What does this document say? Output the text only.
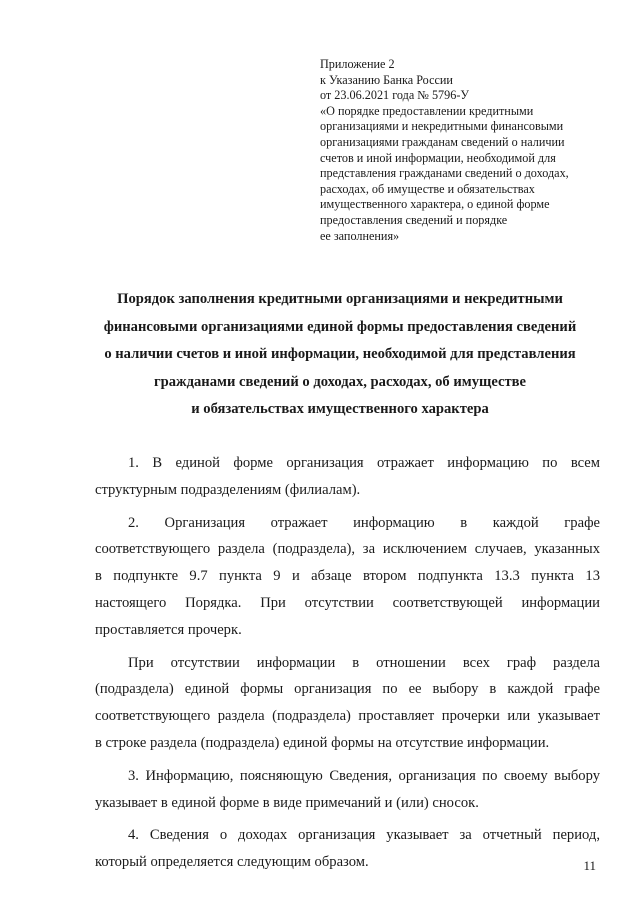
Приложение 2
к Указанию Банка России
от 23.06.2021 года № 5796-У
«О порядке предоставлении кредитными
организациями и некредитными финансовыми
организациями гражданам сведений о наличии
счетов и иной информации, необходимой для
представления гражданами сведений о доходах,
расходах, об имуществе и обязательствах
имущественного характера, о единой форме
предоставления сведений и порядке
ее заполнения»
Порядок заполнения кредитными организациями и некредитными
финансовыми организациями единой формы предоставления сведений
о наличии счетов и иной информации, необходимой для представления
гражданами сведений о доходах, расходах, об имуществе
и обязательствах имущественного характера
1. В единой форме организация отражает информацию по всем
структурным подразделениям (филиалам).
2. Организация отражает информацию в каждой графе
соответствующего раздела (подраздела), за исключением случаев, указанных
в подпункте 9.7 пункта 9 и абзаце втором подпункта 13.3 пункта 13
настоящего Порядка. При отсутствии соответствующей информации
проставляется прочерк.
При отсутствии информации в отношении всех граф раздела
(подраздела) единой формы организация по ее выбору в каждой графе
соответствующего раздела (подраздела) проставляет прочерки или указывает
в строке раздела (подраздела) единой формы на отсутствие информации.
3. Информацию, поясняющую Сведения, организация по своему выбору
указывает в единой форме в виде примечаний и (или) сносок.
4. Сведения о доходах организация указывает за отчетный период,
который определяется следующим образом.	11
